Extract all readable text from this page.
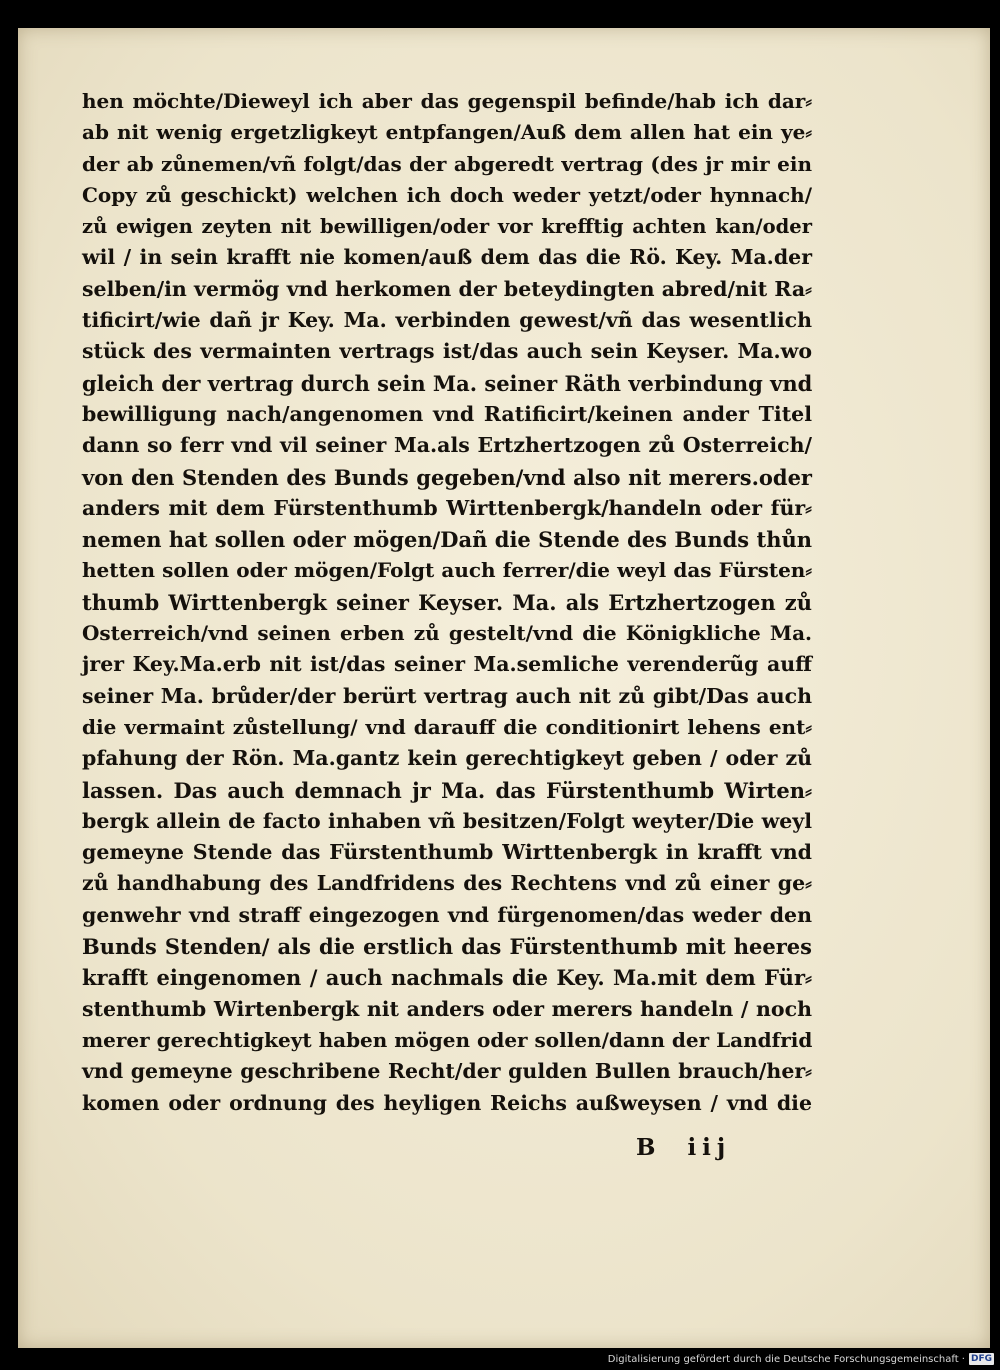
hen möchte/Dieweyl ich aber das gegenspil befinde/hab ich dar⸗
ab nit wenig ergetzligkeyt entpfangen/Auß dem allen hat ein ye⸗
der ab zůnemen/vñ folgt/das der abgeredt vertrag (des jr mir ein
Copy zů geschickt) welchen ich doch weder yetzt/oder hynnach/
zů ewigen zeyten nit bewilligen/oder vor krefftig achten kan/oder
wil / in sein krafft nie komen/auß dem das die Rö. Key. Ma.der
selben/in vermög vnd herkomen der beteydingten abred/nit Ra⸗
tificirt/wie dañ jr Key. Ma. verbinden gewest/vñ das wesentlich
stück des vermainten vertrags ist/das auch sein Keyser. Ma.wo
gleich der vertrag durch sein Ma. seiner Räth verbindung vnd
bewilligung nach/angenomen vnd Ratificirt/keinen ander Titel
dann so ferr vnd vil seiner Ma.als Ertzhertzogen zů Osterreich/
von den Stenden des Bunds gegeben/vnd also nit merers.oder
anders mit dem Fürstenthumb Wirttenbergk/handeln oder für⸗
nemen hat sollen oder mögen/Dañ die Stende des Bunds thůn
hetten sollen oder mögen/Folgt auch ferrer/die weyl das Fürsten⸗
thumb Wirttenbergk seiner Keyser. Ma. als Ertzhertzogen zů
Osterreich/vnd seinen erben zů gestelt/vnd die Königkliche Ma.
jrer Key.Ma.erb nit ist/das seiner Ma.semliche verenderũg auff
seiner Ma. brůder/der berürt vertrag auch nit zů gibt/Das auch
die vermaint zůstellung/ vnd darauff die conditionirt lehens ent⸗
pfahung der Rön. Ma.gantz kein gerechtigkeyt geben / oder zů
lassen. Das auch demnach jr Ma. das Fürstenthumb Wirten⸗
bergk allein de facto inhaben vñ besitzen/Folgt weyter/Die weyl
gemeyne Stende das Fürstenthumb Wirttenbergk in krafft vnd
zů handhabung des Landfridens des Rechtens vnd zů einer ge⸗
genwehr vnd straff eingezogen vnd fürgenomen/das weder den
Bunds Stenden/ als die erstlich das Fürstenthumb mit heeres
krafft eingenomen / auch nachmals die Key. Ma.mit dem Für⸗
stenthumb Wirtenbergk nit anders oder merers handeln / noch
merer gerechtigkeyt haben mögen oder sollen/dann der Landfrid
vnd gemeyne geschribene Recht/der gulden Bullen brauch/her⸗
komen oder ordnung des heyligen Reichs außweysen / vnd die
B iij
Digitalisierung gefördert durch die Deutsche Forschungsgemeinschaft · DFG
